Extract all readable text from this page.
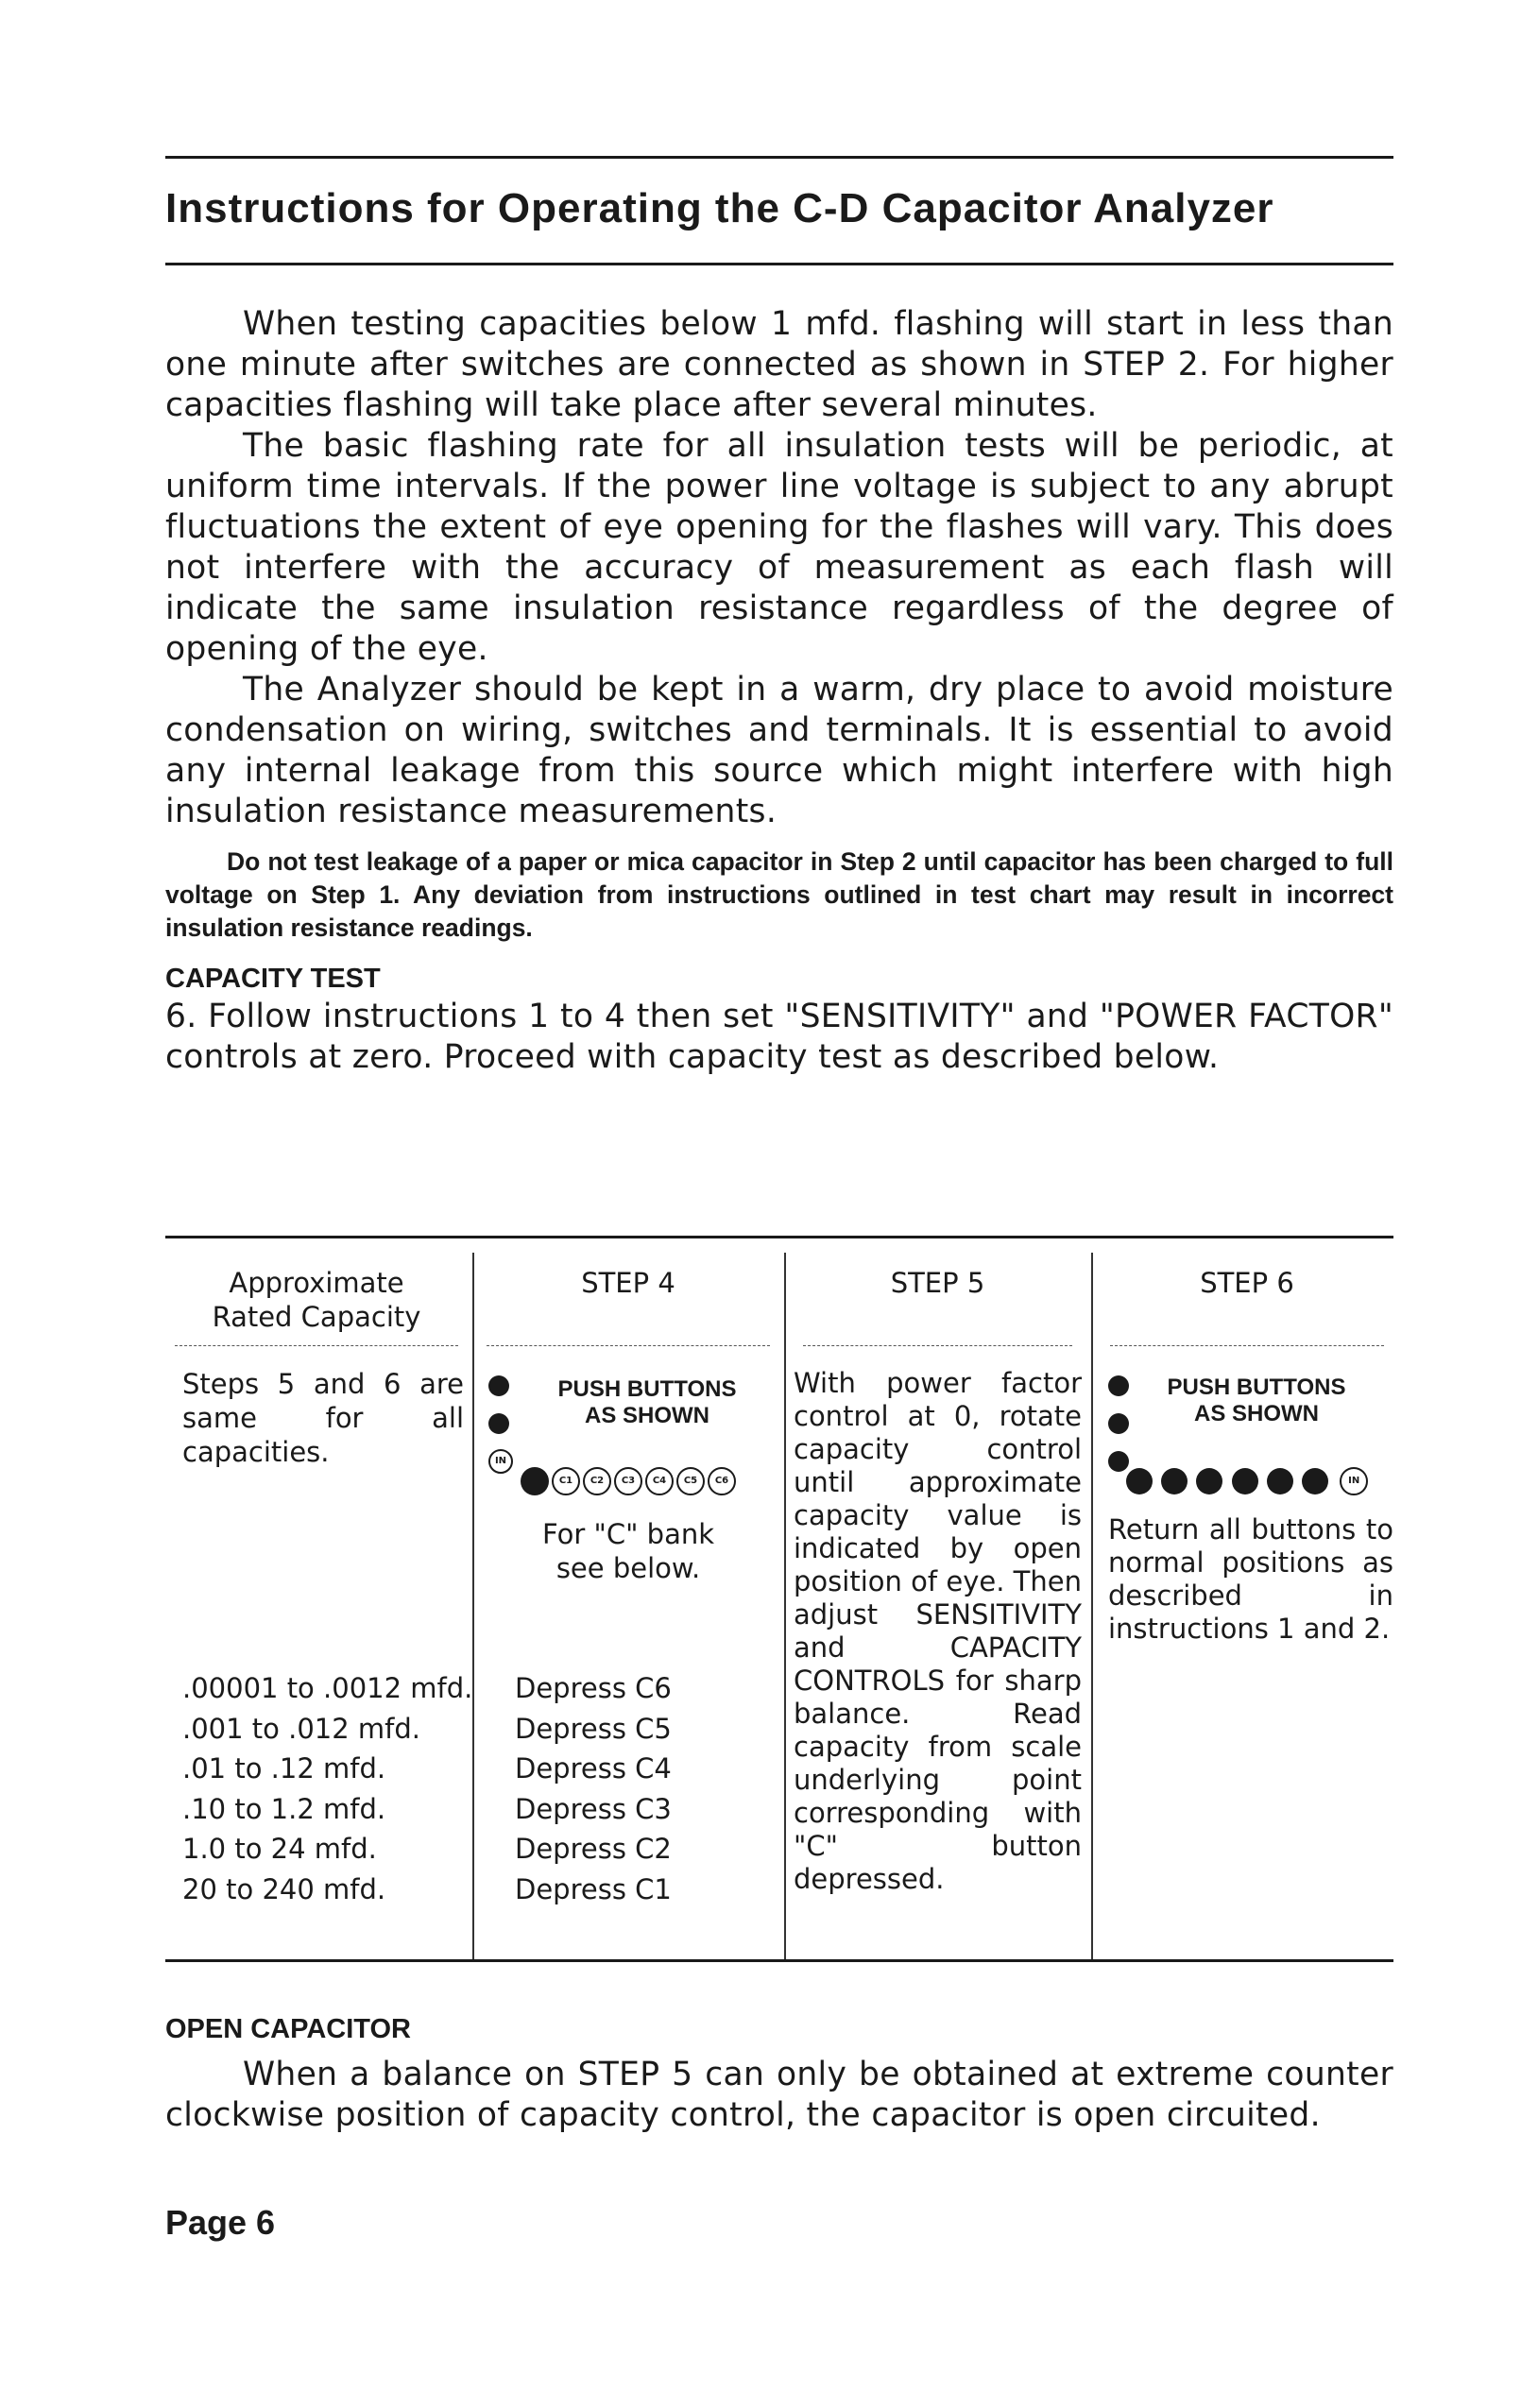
Instructions for Operating the C-D Capacitor Analyzer

When testing capacities below 1 mfd. flashing will start in less than one minute after switches are connected as shown in STEP 2. For higher capacities flashing will take place after several minutes.

The basic flashing rate for all insulation tests will be periodic, at uniform time intervals. If the power line voltage is subject to any abrupt fluctuations the extent of eye opening for the flashes will vary. This does not interfere with the accuracy of measurement as each flash will indicate the same insulation resistance regardless of the degree of opening of the eye.

The Analyzer should be kept in a warm, dry place to avoid moisture condensation on wiring, switches and terminals. It is essential to avoid any internal leakage from this source which might interfere with high insulation resistance measurements.

Do not test leakage of a paper or mica capacitor in Step 2 until capacitor has been charged to full voltage on Step 1. Any deviation from instructions outlined in test chart may result in incorrect insulation resistance readings.

CAPACITY TEST

6. Follow instructions 1 to 4 then set "SENSITIVITY" and "POWER FACTOR" controls at zero. Proceed with capacity test as described below.

Approximate
Rated Capacity
Steps 5 and 6 are same for all capacities.
.00001 to .0012 mfd.
.001 to .012 mfd.
.01 to .12 mfd.
.10 to 1.2 mfd.
1.0 to 24 mfd.
20 to 240 mfd.
STEP 4
IN
PUSH BUTTONS
AS SHOWN
C1 C2 C3 C4 C5 C6
For "C" bank
see below.
Depress C6
Depress C5
Depress C4
Depress C3
Depress C2
Depress C1
STEP 5
With power factor control at 0, rotate capacity control until approximate capacity value is indicated by open position of eye. Then adjust SENSITIVITY and CAPACITY CONTROLS for sharp balance. Read capacity from scale underlying point corresponding with "C" button depressed.
STEP 6
PUSH BUTTONS
AS SHOWN
IN
Return all buttons to normal positions as described in instructions 1 and 2.

OPEN CAPACITOR

When a balance on STEP 5 can only be obtained at extreme counter clockwise position of capacity control, the capacitor is open circuited.

Page 6
